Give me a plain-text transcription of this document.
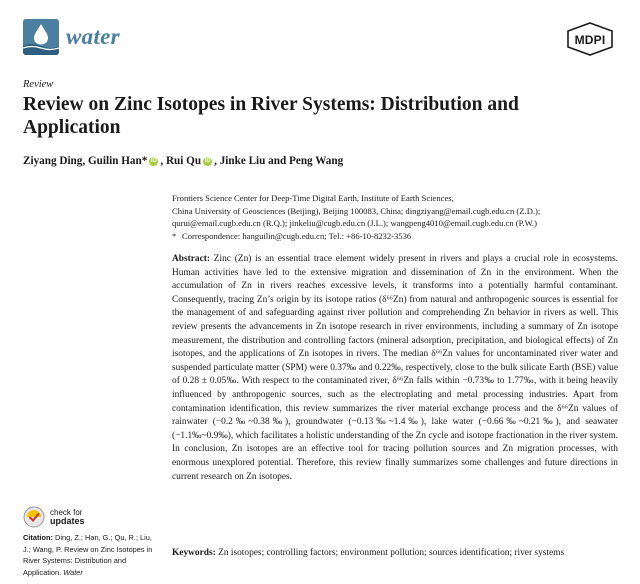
water	MDPI
Review
Review on Zinc Isotopes in River Systems: Distribution and Application
Ziyang Ding, Guilin Han * iD , Rui Qu iD , Jinke Liu and Peng Wang
Frontiers Science Center for Deep-Time Digital Earth, Institute of Earth Sciences,
China University of Geosciences (Beijing), Beijing 100083, China; dingziyang@email.cugb.edu.cn (Z.D.);
qurui@email.cugb.edu.cn (R.Q.); jinkeliu@cugb.edu.cn (J.L.); wangpeng4010@email.cugb.edu.cn (P.W.)
* Correspondence: hanguilin@cugb.edu.cn; Tel.: +86-10-8232-3536
Abstract: Zinc (Zn) is an essential trace element widely present in rivers and plays a crucial role in ecosystems. Human activities have led to the extensive migration and dissemination of Zn in the environment. When the accumulation of Zn in rivers reaches excessive levels, it transforms into a potentially harmful contaminant. Consequently, tracing Zn’s origin by its isotope ratios (δ⁶⁶Zn) from natural and anthropogenic sources is essential for the management of and safeguarding against river pollution and comprehending Zn behavior in rivers as well. This review presents the advancements in Zn isotope research in river environments, including a summary of Zn isotope measurement, the distribution and controlling factors (mineral adsorption, precipitation, and biological effects) of Zn isotopes, and the applications of Zn isotopes in rivers. The median δ⁶⁶Zn values for uncontaminated river water and suspended particulate matter (SPM) were 0.37‰ and 0.22‰, respectively, close to the bulk silicate Earth (BSE) value of 0.28 ± 0.05‰. With respect to the contaminated river, δ⁶⁶Zn falls within −0.73‰ to 1.77‰, with it being heavily influenced by anthropogenic sources, such as the electroplating and metal processing industries. Apart from contamination identification, this review summarizes the river material exchange process and the δ⁶⁶Zn values of rainwater (−0.2‰~0.38‰), groundwater (−0.13‰~1.4‰), lake water (−0.66‰~0.21‰), and seawater (−1.1‰~0.9‰), which facilitates a holistic understanding of the Zn cycle and isotope fractionation in the river system. In conclusion, Zn isotopes are an effective tool for tracing pollution sources and Zn migration processes, with enormous unexplored potential. Therefore, this review finally summarizes some challenges and future directions in current research on Zn isotopes.
Keywords: Zn isotopes; controlling factors; environment pollution; sources identification; river systems
check for
updates
Citation: Ding, Z.; Han, G.; Qu, R.; Liu, J.; Wang, P. Review on Zinc Isotopes in River Systems: Distribution and Application. Water
